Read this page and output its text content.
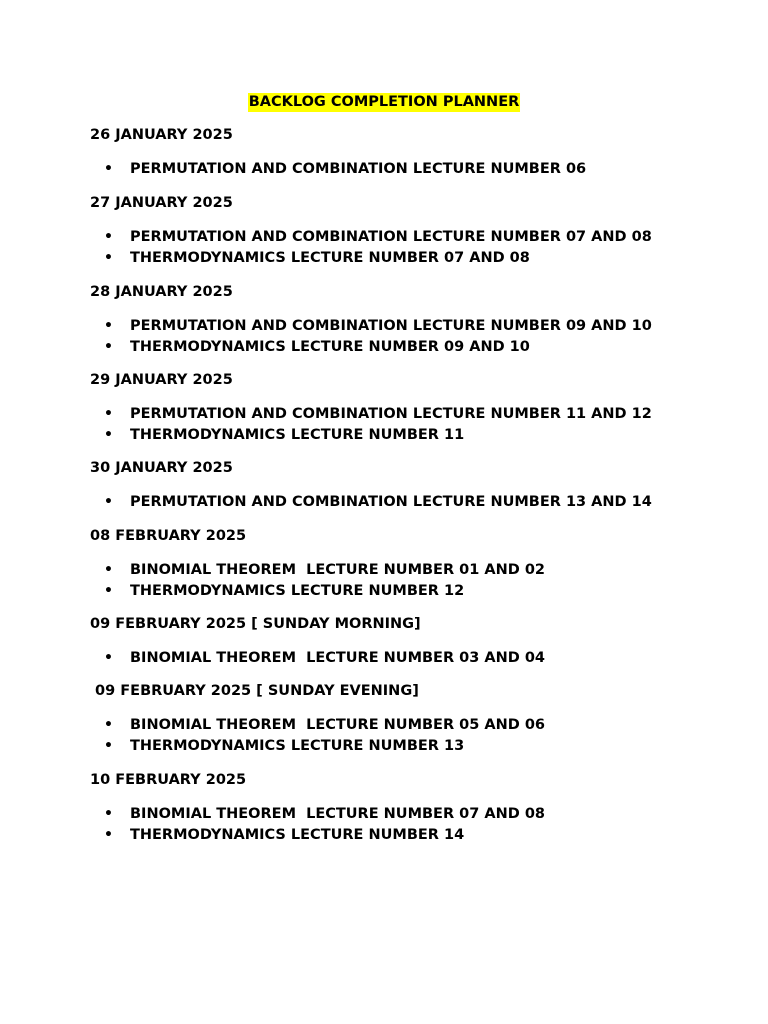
BACKLOG COMPLETION PLANNER
26 JANUARY 2025
• PERMUTATION AND COMBINATION LECTURE NUMBER 06
27 JANUARY 2025
• PERMUTATION AND COMBINATION LECTURE NUMBER 07 AND 08
• THERMODYNAMICS LECTURE NUMBER 07 AND 08
28 JANUARY 2025
• PERMUTATION AND COMBINATION LECTURE NUMBER 09 AND 10
• THERMODYNAMICS LECTURE NUMBER 09 AND 10
29 JANUARY 2025
• PERMUTATION AND COMBINATION LECTURE NUMBER 11 AND 12
• THERMODYNAMICS LECTURE NUMBER 11
30 JANUARY 2025
• PERMUTATION AND COMBINATION LECTURE NUMBER 13 AND 14
08 FEBRUARY 2025
• BINOMIAL THEOREM  LECTURE NUMBER 01 AND 02
• THERMODYNAMICS LECTURE NUMBER 12
09 FEBRUARY 2025 [ SUNDAY MORNING]
• BINOMIAL THEOREM  LECTURE NUMBER 03 AND 04
09 FEBRUARY 2025 [ SUNDAY EVENING]
• BINOMIAL THEOREM  LECTURE NUMBER 05 AND 06
• THERMODYNAMICS LECTURE NUMBER 13
10 FEBRUARY 2025
• BINOMIAL THEOREM  LECTURE NUMBER 07 AND 08
• THERMODYNAMICS LECTURE NUMBER 14
